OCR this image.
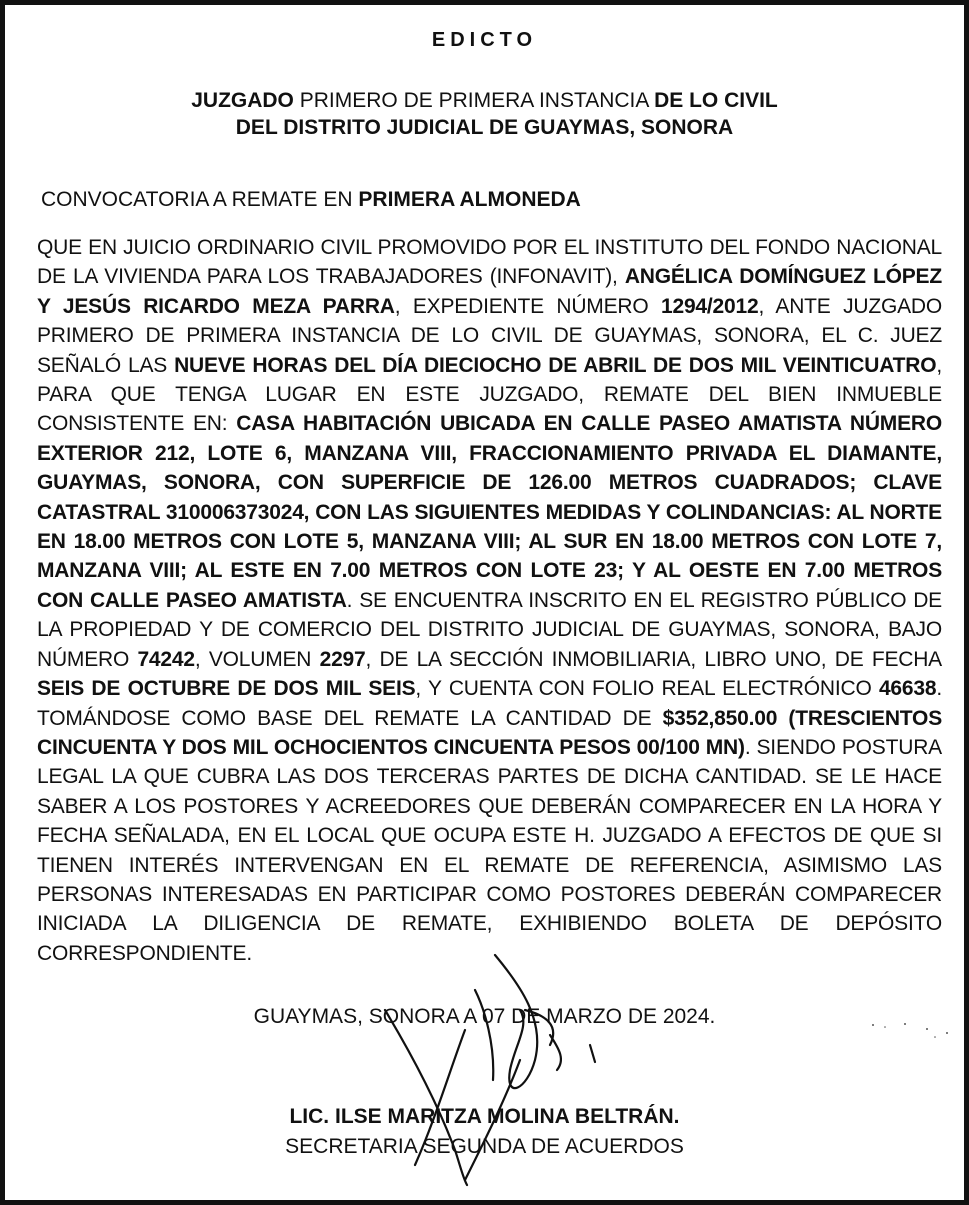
EDICTO
JUZGADO PRIMERO DE PRIMERA INSTANCIA DE LO CIVIL
DEL DISTRITO JUDICIAL DE GUAYMAS, SONORA
CONVOCATORIA A REMATE EN PRIMERA ALMONEDA
QUE EN JUICIO ORDINARIO CIVIL PROMOVIDO POR EL INSTITUTO DEL FONDO NACIONAL DE LA VIVIENDA PARA LOS TRABAJADORES (INFONAVIT), ANGÉLICA DOMÍNGUEZ LÓPEZ Y JESÚS RICARDO MEZA PARRA, EXPEDIENTE NÚMERO 1294/2012, ANTE JUZGADO PRIMERO DE PRIMERA INSTANCIA DE LO CIVIL DE GUAYMAS, SONORA, EL C. JUEZ SEÑALÓ LAS NUEVE HORAS DEL DÍA DIECIOCHO DE ABRIL DE DOS MIL VEINTICUATRO, PARA QUE TENGA LUGAR EN ESTE JUZGADO, REMATE DEL BIEN INMUEBLE CONSISTENTE EN: CASA HABITACIÓN UBICADA EN CALLE PASEO AMATISTA NÚMERO EXTERIOR 212, LOTE 6, MANZANA VIII, FRACCIONAMIENTO PRIVADA EL DIAMANTE, GUAYMAS, SONORA, CON SUPERFICIE DE 126.00 METROS CUADRADOS; CLAVE CATASTRAL 310006373024, CON LAS SIGUIENTES MEDIDAS Y COLINDANCIAS: AL NORTE EN 18.00 METROS CON LOTE 5, MANZANA VIII; AL SUR EN 18.00 METROS CON LOTE 7, MANZANA VIII; AL ESTE EN 7.00 METROS CON LOTE 23; Y AL OESTE EN 7.00 METROS CON CALLE PASEO AMATISTA. SE ENCUENTRA INSCRITO EN EL REGISTRO PÚBLICO DE LA PROPIEDAD Y DE COMERCIO DEL DISTRITO JUDICIAL DE GUAYMAS, SONORA, BAJO NÚMERO 74242, VOLUMEN 2297, DE LA SECCIÓN INMOBILIARIA, LIBRO UNO, DE FECHA SEIS DE OCTUBRE DE DOS MIL SEIS, Y CUENTA CON FOLIO REAL ELECTRÓNICO 46638. TOMÁNDOSE COMO BASE DEL REMATE LA CANTIDAD DE $352,850.00 (TRESCIENTOS CINCUENTA Y DOS MIL OCHOCIENTOS CINCUENTA PESOS 00/100 MN). SIENDO POSTURA LEGAL LA QUE CUBRA LAS DOS TERCERAS PARTES DE DICHA CANTIDAD. SE LE HACE SABER A LOS POSTORES Y ACREEDORES QUE DEBERÁN COMPARECER EN LA HORA Y FECHA SEÑALADA, EN EL LOCAL QUE OCUPA ESTE H. JUZGADO A EFECTOS DE QUE SI TIENEN INTERÉS INTERVENGAN EN EL REMATE DE REFERENCIA, ASIMISMO LAS PERSONAS INTERESADAS EN PARTICIPAR COMO POSTORES DEBERÁN COMPARECER INICIADA LA DILIGENCIA DE REMATE, EXHIBIENDO BOLETA DE DEPÓSITO CORRESPONDIENTE.
GUAYMAS, SONORA A 07 DE MARZO DE 2024.
LIC. ILSE MARITZA MOLINA BELTRÁN.
SECRETARIA SEGUNDA DE ACUERDOS
